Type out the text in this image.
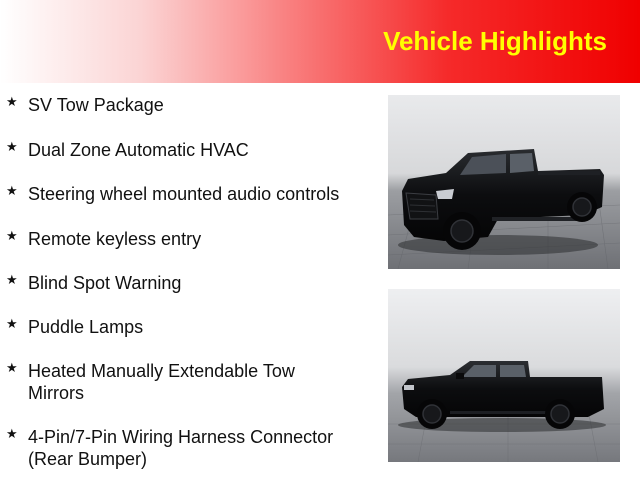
Vehicle Highlights
★ SV Tow Package
★ Dual Zone Automatic HVAC
★ Steering wheel mounted audio controls
★ Remote keyless entry
★ Blind Spot Warning
★ Puddle Lamps
★ Heated Manually Extendable Tow Mirrors
★ 4-Pin/7-Pin Wiring Harness Connector (Rear Bumper)
